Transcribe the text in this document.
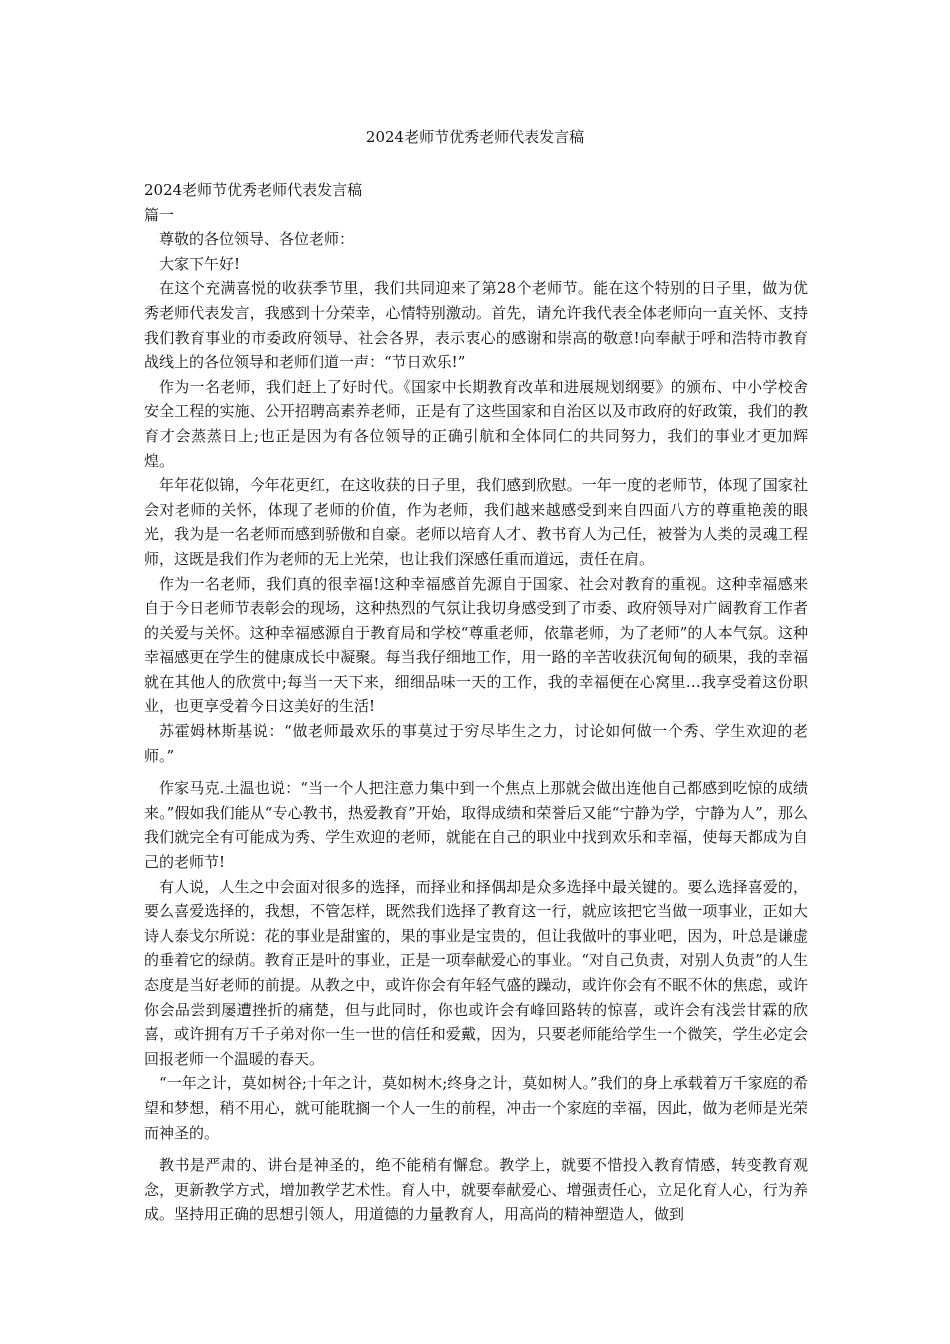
2024老师节优秀老师代表发言稿

2024老师节优秀老师代表发言稿

篇一

尊敬的各位领导、各位老师：

大家下午好!

在这个充满喜悦的收获季节里，我们共同迎来了第28个老师节。能在这个特别的日子里，做为优秀老师代表发言，我感到十分荣幸，心情特别激动。首先，请允许我代表全体老师向一直关怀、支持我们教育事业的市委政府领导、社会各界，表示衷心的感谢和崇高的敬意!向奉献于呼和浩特市教育战线上的各位领导和老师们道一声：“节日欢乐!”

作为一名老师，我们赶上了好时代。《国家中长期教育改革和进展规划纲要》的颁布、中小学校舍安全工程的实施、公开招聘高素养老师，正是有了这些国家和自治区以及市政府的好政策，我们的教育才会蒸蒸日上;也正是因为有各位领导的正确引航和全体同仁的共同努力，我们的事业才更加辉煌。

年年花似锦，今年花更红，在这收获的日子里，我们感到欣慰。一年一度的老师节，体现了国家社会对老师的关怀，体现了老师的价值，作为老师，我们越来越感受到来自四面八方的尊重艳羡的眼光，我为是一名老师而感到骄傲和自豪。老师以培育人才、教书育人为己任，被誉为人类的灵魂工程师，这既是我们作为老师的无上光荣，也让我们深感任重而道远，责任在肩。

作为一名老师，我们真的很幸福!这种幸福感首先源自于国家、社会对教育的重视。这种幸福感来自于今日老师节表彰会的现场，这种热烈的气氛让我切身感受到了市委、政府领导对广阔教育工作者的关爱与关怀。这种幸福感源自于教育局和学校“尊重老师，依靠老师，为了老师”的人本气氛。这种幸福感更在学生的健康成长中凝聚。每当我仔细地工作，用一路的辛苦收获沉甸甸的硕果，我的幸福就在其他人的欣赏中;每当一天下来，细细品味一天的工作，我的幸福便在心窝里…我享受着这份职业，也更享受着今日这美好的生活!

苏霍姆林斯基说：“做老师最欢乐的事莫过于穷尽毕生之力，讨论如何做一个秀、学生欢迎的老师。”

作家马克.土温也说：“当一个人把注意力集中到一个焦点上那就会做出连他自己都感到吃惊的成绩来。”假如我们能从“专心教书，热爱教育”开始，取得成绩和荣誉后又能“宁静为学，宁静为人”，那么我们就完全有可能成为秀、学生欢迎的老师，就能在自己的职业中找到欢乐和幸福，使每天都成为自己的老师节!

有人说，人生之中会面对很多的选择，而择业和择偶却是众多选择中最关键的。要么选择喜爱的，要么喜爱选择的，我想，不管怎样，既然我们选择了教育这一行，就应该把它当做一项事业，正如大诗人泰戈尔所说：花的事业是甜蜜的，果的事业是宝贵的，但让我做叶的事业吧，因为，叶总是谦虚的垂着它的绿荫。教育正是叶的事业，正是一项奉献爱心的事业。“对自己负责，对别人负责”的人生态度是当好老师的前提。从教之中，或许你会有年轻气盛的躁动，或许你会有不眠不休的焦虑，或许你会品尝到屡遭挫折的痛楚，但与此同时，你也或许会有峰回路转的惊喜，或许会有浅尝甘霖的欣喜，或许拥有万千子弟对你一生一世的信任和爱戴，因为，只要老师能给学生一个微笑，学生必定会回报老师一个温暖的春天。

“一年之计，莫如树谷;十年之计，莫如树木;终身之计，莫如树人。”我们的身上承载着万千家庭的希望和梦想，稍不用心，就可能耽搁一个人一生的前程，冲击一个家庭的幸福，因此，做为老师是光荣而神圣的。

教书是严肃的、讲台是神圣的，绝不能稍有懈怠。教学上，就要不惜投入教育情感，转变教育观念，更新教学方式，增加教学艺术性。育人中，就要奉献爱心、增强责任心，立足化育人心，行为养成。坚持用正确的思想引领人，用道德的力量教育人，用高尚的精神塑造人，做到
